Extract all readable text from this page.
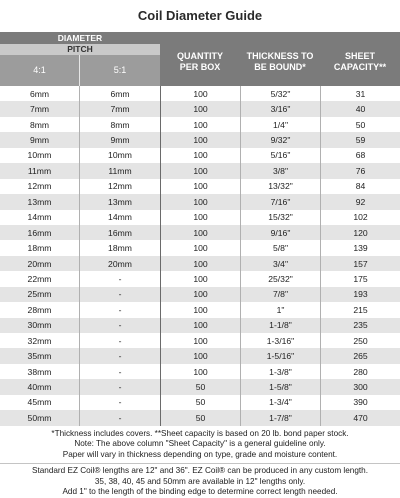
Coil Diameter Guide
DIAMETER
PITCH
4:1	5:1
QUANTITY
PER BOX
THICKNESS TO
BE BOUND*
SHEET
CAPACITY**
6mm	6mm	100	5/32"	31
7mm	7mm	100	3/16"	40
8mm	8mm	100	1/4"	50
9mm	9mm	100	9/32"	59
10mm	10mm	100	5/16"	68
11mm	11mm	100	3/8"	76
12mm	12mm	100	13/32"	84
13mm	13mm	100	7/16"	92
14mm	14mm	100	15/32"	102
16mm	16mm	100	9/16"	120
18mm	18mm	100	5/8"	139
20mm	20mm	100	3/4"	157
22mm	-	100	25/32"	175
25mm	-	100	7/8"	193
28mm	-	100	1"	215
30mm	-	100	1-1/8"	235
32mm	-	100	1-3/16"	250
35mm	-	100	1-5/16"	265
38mm	-	100	1-3/8"	280
40mm	-	50	1-5/8"	300
45mm	-	50	1-3/4"	390
50mm	-	50	1-7/8"	470
*Thickness includes covers. **Sheet capacity is based on 20 lb. bond paper stock.
Note: The above column "Sheet Capacity" is a general guideline only.
Paper will vary in thickness depending on type, grade and moisture content.
Standard EZ Coil® lengths are 12" and 36". EZ Coil® can be produced in any custom length.
35, 38, 40, 45 and 50mm are available in 12" lengths only.
Add 1" to the length of the binding edge to determine correct length needed.
